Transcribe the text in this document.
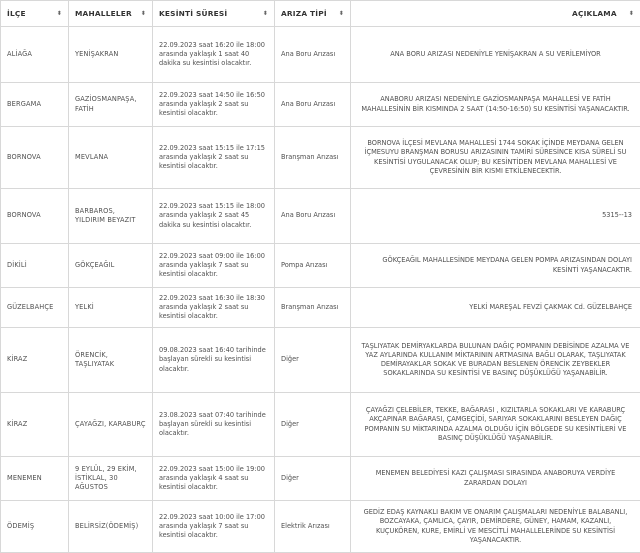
İLÇE ⬍	MAHALLELER ⬍	KESİNTİ SÜRESİ ⬍	ARIZA TİPİ ⬍	AÇIKLAMA ⬍

ALİAĞA	YENİŞAKRAN	22.09.2023 saat 16:20 ile 18:00 arasında yaklaşık 1 saat 40 dakika su kesintisi olacaktır.	Ana Boru Arızası	ANA BORU ARIZASI NEDENİYLE YENİŞAKRAN A SU VERİLEMİYOR
BERGAMA	GAZİOSMANPAŞA, FATİH	22.09.2023 saat 14:50 ile 16:50 arasında yaklaşık 2 saat su kesintisi olacaktır.	Ana Boru Arızası	ANABORU ARIZASI NEDENİYLE GAZİOSMANPAŞA MAHALLESİ VE FATİH MAHALLESİNİN BİR KISMINDA 2 SAAT (14:50-16:50) SU KESİNTİSİ YAŞANACAKTIR.
BORNOVA	MEVLANA	22.09.2023 saat 15:15 ile 17:15 arasında yaklaşık 2 saat su kesintisi olacaktır.	Branşman Arızası	BORNOVA İLÇESİ MEVLANA MAHALLESİ 1744 SOKAK İÇİNDE MEYDANA GELEN İÇMESUYU BRANŞMAN BORUSU ARIZASININ TAMİRİ SÜRESİNCE KISA SÜRELİ SU KESİNTİSİ UYGULANACAK OLUP; BU KESİNTİDEN MEVLANA MAHALLESİ VE ÇEVRESİNİN BİR KISMI ETKİLENECEKTİR.
BORNOVA	BARBAROS, YILDIRIM BEYAZIT	22.09.2023 saat 15:15 ile 18:00 arasında yaklaşık 2 saat 45 dakika su kesintisi olacaktır.	Ana Boru Arızası	5315--13
DİKİLİ	GÖKÇEAĞIL	22.09.2023 saat 09:00 ile 16:00 arasında yaklaşık 7 saat su kesintisi olacaktır.	Pompa Arızası	GÖKÇEAĞIL MAHALLESİNDE MEYDANA GELEN POMPA ARIZASINDAN DOLAYI KESİNTİ YAŞANACAKTIR.
GÜZELBAHÇE	YELKİ	22.09.2023 saat 16:30 ile 18:30 arasında yaklaşık 2 saat su kesintisi olacaktır.	Branşman Arızası	YELKİ MAREŞAL FEVZİ ÇAKMAK Cd. GÜZELBAHÇE
KİRAZ	ÖRENCİK, TAŞLIYATAK	09.08.2023 saat 16:40 tarihinde başlayan sürekli su kesintisi olacaktır.	Diğer	TAŞLIYATAK DEMİRYAKLARDA BULUNAN DAĞIÇ POMPANIN DEBİSİNDE AZALMA VE YAZ AYLARINDA KULLANIM MİKTARININ ARTMASINA BAĞLI OLARAK, TAŞLIYATAK DEMİRAYAKLAR SOKAK VE BURADAN BESLENEN ÖRENCİK ZEYBEKLER SOKAKLARINDA SU KESİNTİSİ VE BASINÇ DÜŞÜKLÜĞÜ YAŞANABİLİR.
KİRAZ	ÇAYAĞZI, KARABURÇ	23.08.2023 saat 07:40 tarihinde başlayan sürekli su kesintisi olacaktır.	Diğer	ÇAYAĞZI ÇELEBİLER, TEKKE, BAĞARASI , KIZILTARLA SOKAKLARI VE KARABURÇ AKÇAPINAR BAĞARASI, ÇAMGEÇİDİ, SARIYAR SOKAKLARINI BESLEYEN DAĞIÇ POMPANIN SU MİKTARINDA AZALMA OLDUĞU İÇİN BÖLGEDE SU KESİNTİLERİ VE BASINÇ DÜŞÜKLÜĞÜ YAŞANABİLİR.
MENEMEN	9 EYLÜL, 29 EKİM, İSTİKLAL, 30 AĞUSTOS	22.09.2023 saat 15:00 ile 19:00 arasında yaklaşık 4 saat su kesintisi olacaktır.	Diğer	MENEMEN BELEDİYESİ KAZI ÇALIŞMASI SIRASINDA ANABORUYA VERDİYE ZARARDAN DOLAYI
ÖDEMİŞ	BELİRSİZ(ÖDEMİŞ)	22.09.2023 saat 10:00 ile 17:00 arasında yaklaşık 7 saat su kesintisi olacaktır.	Elektrik Arızası	GEDİZ EDAŞ KAYNAKLI BAKIM VE ONARIM ÇALIŞMALARI NEDENİYLE BALABANLI, BOZCAYAKA, ÇAMLICA, ÇAYIR, DEMİRDERE, GÜNEY, HAMAM, KAZANLI, KUÇUKÖREN, KURE, EMİRLİ VE MESCİTLİ MAHALLELERİNDE SU KESİNTİSİ YAŞANACAKTIR.
